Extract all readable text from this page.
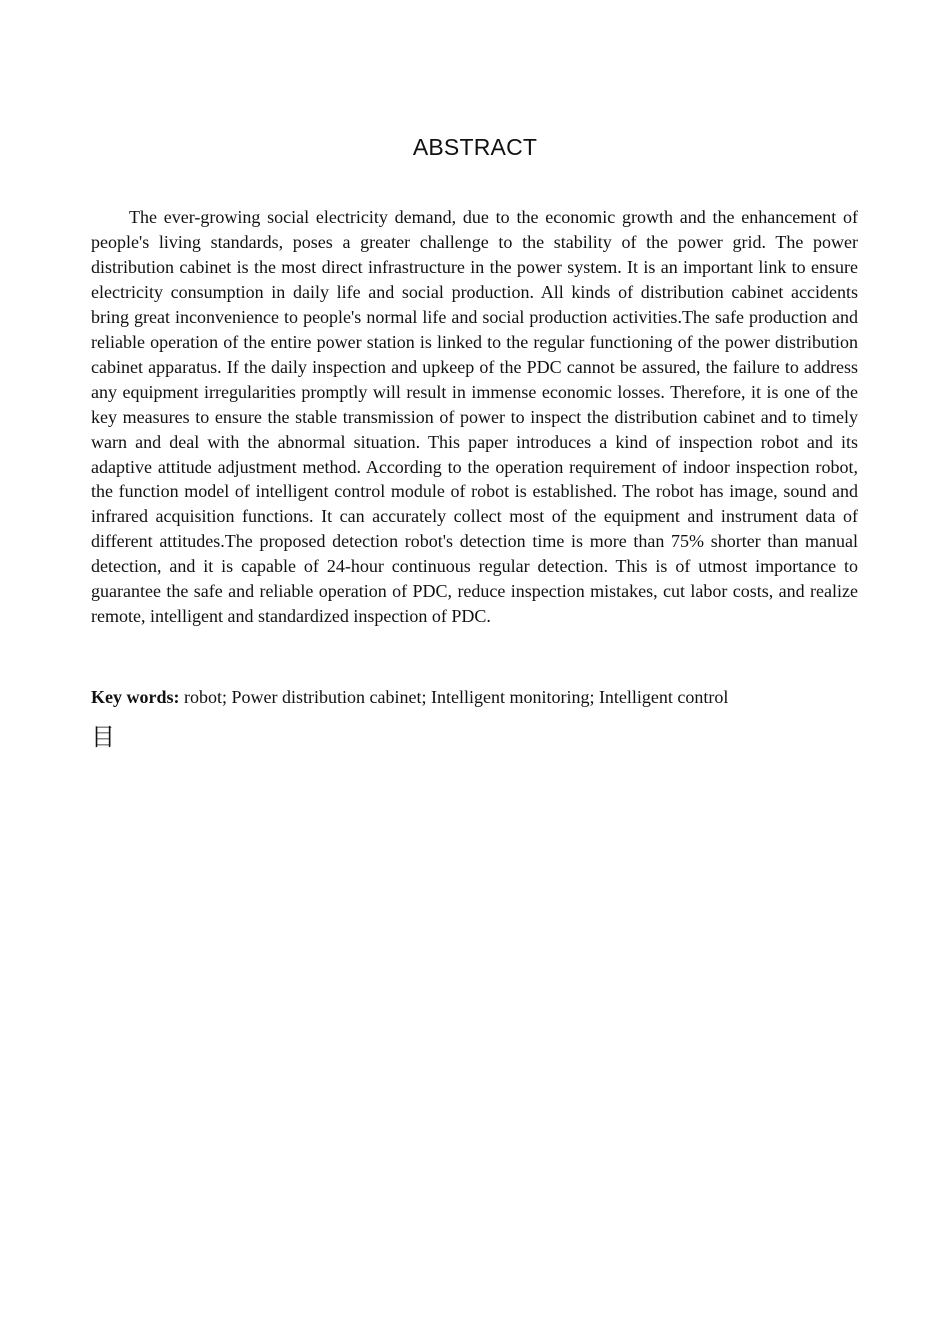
ABSTRACT

The ever-growing social electricity demand, due to the economic growth and the enhancement of people's living standards, poses a greater challenge to the stability of the power grid. The power distribution cabinet is the most direct infrastructure in the power system. It is an important link to ensure electricity consumption in daily life and social production. All kinds of distribution cabinet accidents bring great inconvenience to people's normal life and social production activities.The safe production and reliable operation of the entire power station is linked to the regular functioning of the power distribution cabinet apparatus. If the daily inspection and upkeep of the PDC cannot be assured, the failure to address any equipment irregularities promptly will result in immense economic losses. Therefore, it is one of the key measures to ensure the stable transmission of power to inspect the distribution cabinet and to timely warn and deal with the abnormal situation. This paper introduces a kind of inspection robot and its adaptive attitude adjustment method. According to the operation requirement of indoor inspection robot, the function model of intelligent control module of robot is established. The robot has image, sound and infrared acquisition functions. It can accurately collect most of the equipment and instrument data of different attitudes.The proposed detection robot's detection time is more than 75% shorter than manual detection, and it is capable of 24-hour continuous regular detection. This is of utmost importance to guarantee the safe and reliable operation of PDC, reduce inspection mistakes, cut labor costs, and realize remote, intelligent and standardized inspection of PDC.

Key words: robot; Power distribution cabinet; Intelligent monitoring; Intelligent control

目
